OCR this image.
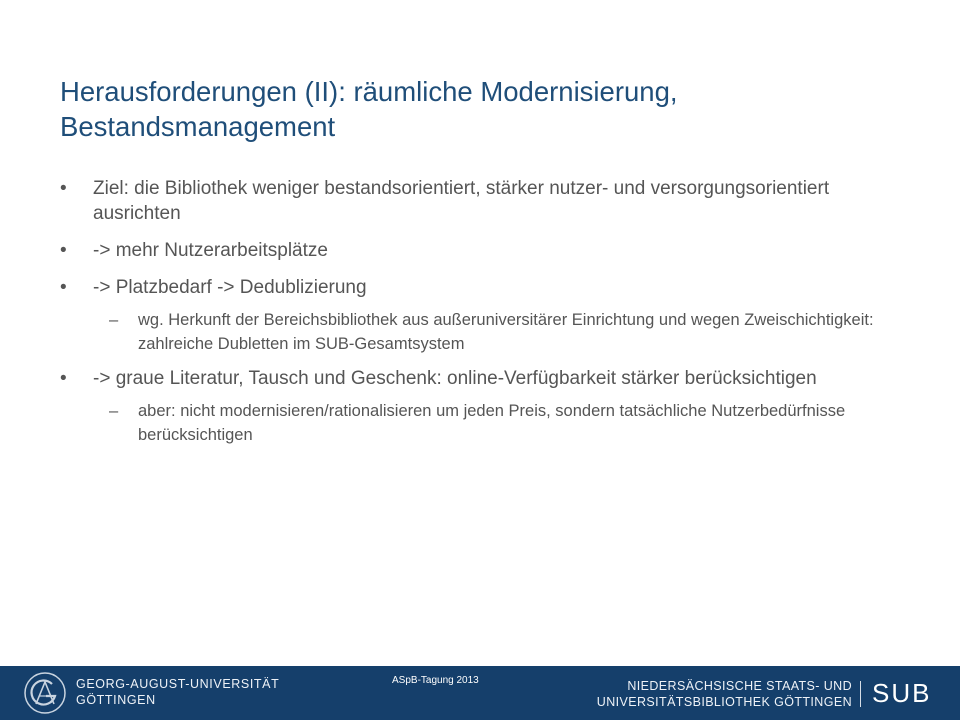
Herausforderungen (II): räumliche Modernisierung, Bestandsmanagement
• Ziel: die Bibliothek weniger bestandsorientiert, stärker nutzer- und versorgungsorientiert ausrichten
• -> mehr Nutzerarbeitsplätze
• -> Platzbedarf -> Dedublizierung
– wg. Herkunft der Bereichsbibliothek aus außeruniversitärer Einrichtung und wegen Zweischichtigkeit: zahlreiche Dubletten im SUB-Gesamtsystem
• -> graue Literatur, Tausch und Geschenk: online-Verfügbarkeit stärker berücksichtigen
– aber: nicht modernisieren/rationalisieren um jeden Preis, sondern tatsächliche Nutzerbedürfnisse berücksichtigen
GEORG-AUGUST-UNIVERSITÄT
GÖTTINGEN
ASpB-Tagung 2013	NIEDERSÄCHSISCHE STAATS- UND
UNIVERSITÄTSBIBLIOTHEK GÖTTINGEN SUB
